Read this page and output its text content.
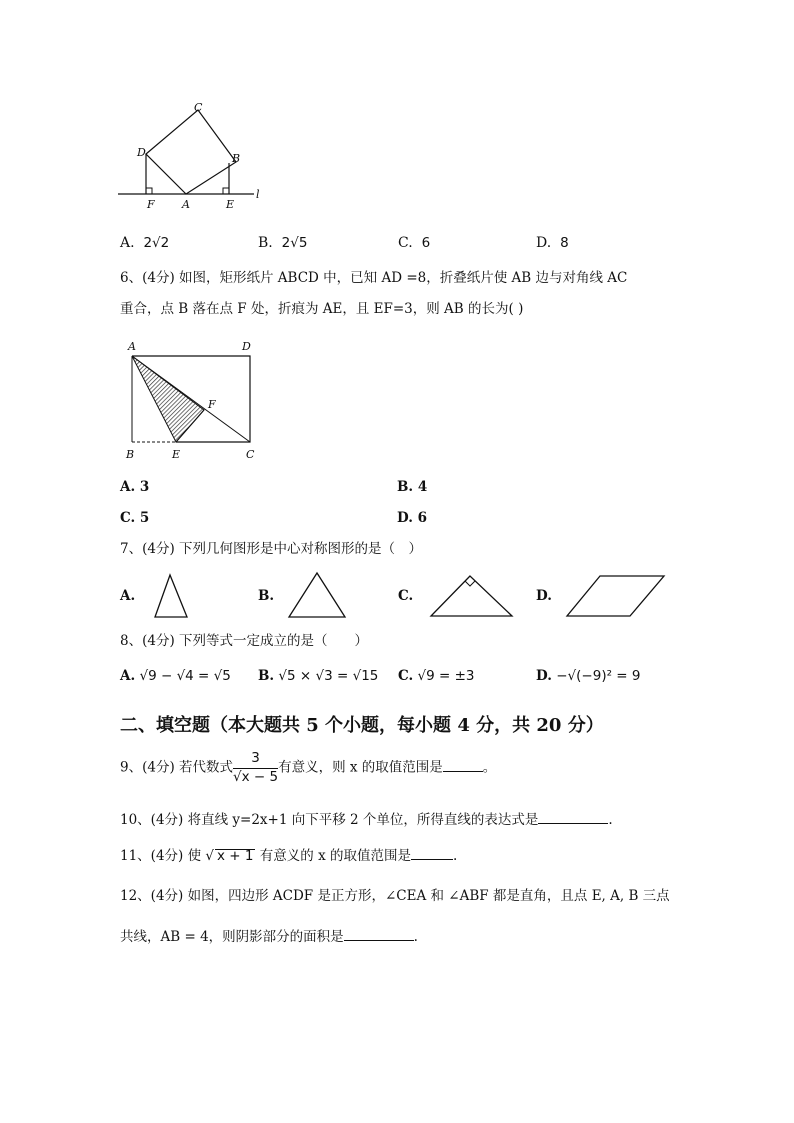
C
D	B
F A	E
l
A. 2√2	B. 2√5	C. 6	D. 8
6、(4分) 如图，矩形纸片 ABCD 中，已知 AD =8，折叠纸片使 AB 边与对角线 AC
重合，点 B 落在点 F 处，折痕为 AE，且 EF=3，则 AB 的长为( )
A	D
F
B	E	C
A. 3	B. 4
C. 5	D. 6
7、(4分) 下列几何图形是中心对称图形的是（　）
A.	B.	C.	D.
8、(4分) 下列等式一定成立的是（　　）
A. √9 − √4 = √5 B. √5 × √3 = √15 C. √9 = ±3	D. −√(−9)² = 9
二、填空题（本大题共 5 个小题，每小题 4 分，共 20 分）
9、(4分) 若代数式 $\frac{3}{√x - 5}$ 有意义，则 x 的取值范围是	。
10、(4分) 将直线 y=2x+1 向下平移 2 个单位，所得直线的表达式是	.
11、(4分) 使 √ x + 1 有意义的 x 的取值范围是	.
12、(4分) 如图，四边形 ACDF 是正方形，∠CEA 和 ∠ABF 都是直角，且点 E, A, B 三点
共线，AB = 4，则阴影部分的面积是	.
